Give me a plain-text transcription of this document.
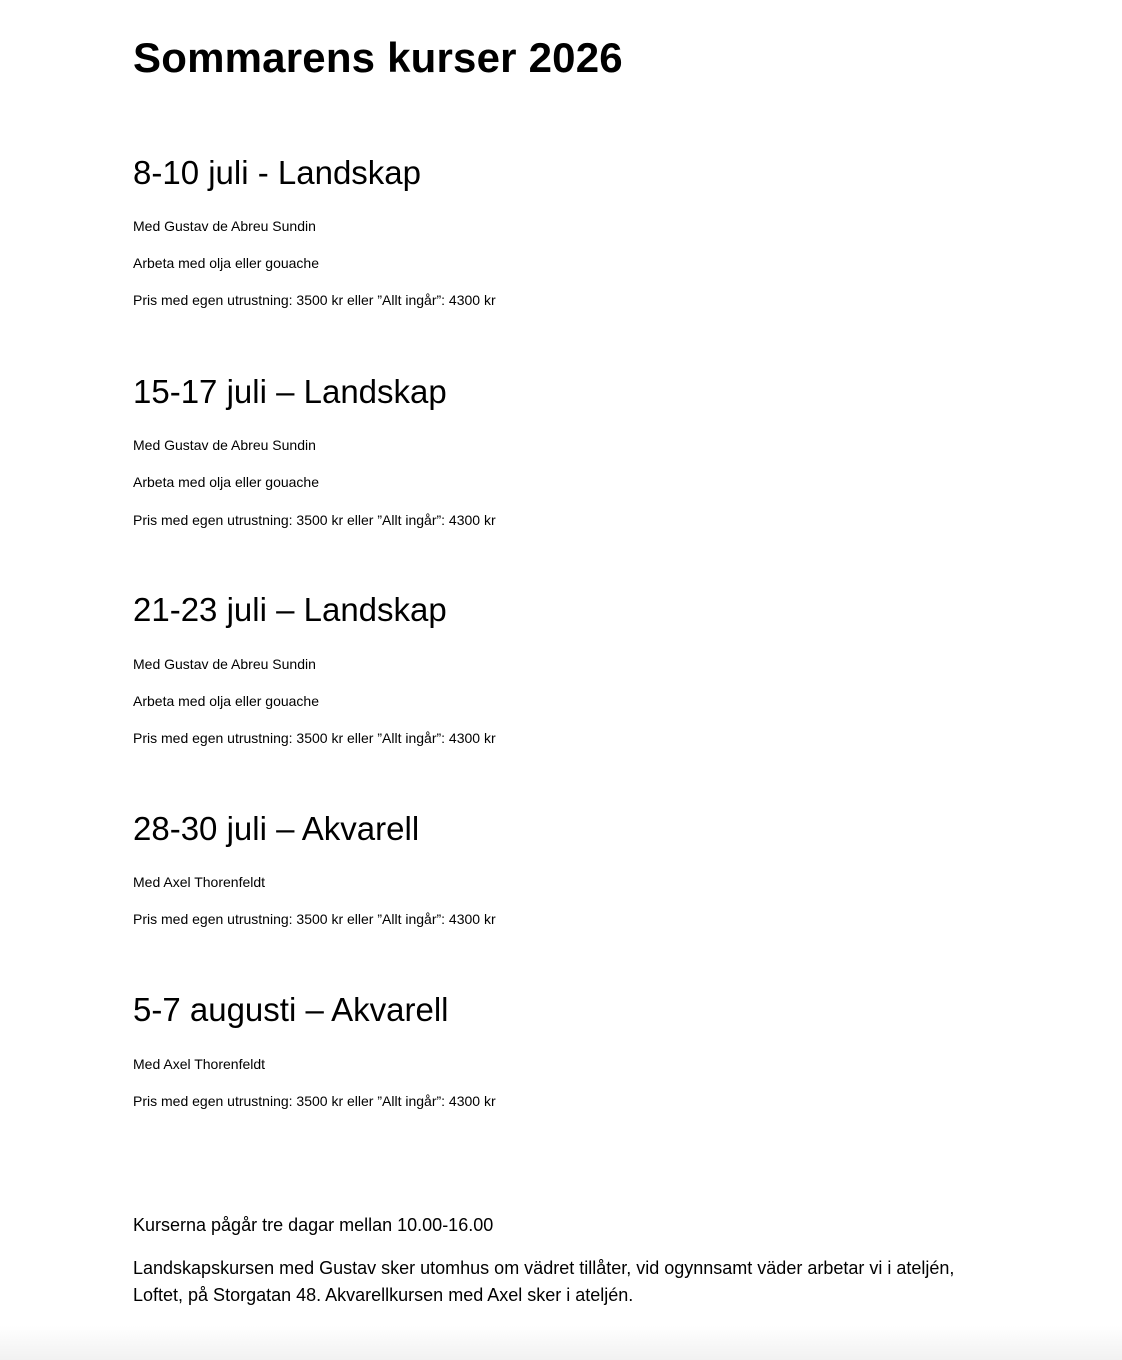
Sommarens kurser 2026
8-10 juli - Landskap

Med Gustav de Abreu Sundin

Arbeta med olja eller gouache

Pris med egen utrustning: 3500 kr eller ”Allt ingår”: 4300 kr

15-17 juli – Landskap

Med Gustav de Abreu Sundin

Arbeta med olja eller gouache

Pris med egen utrustning: 3500 kr eller ”Allt ingår”: 4300 kr

21-23 juli – Landskap

Med Gustav de Abreu Sundin

Arbeta med olja eller gouache

Pris med egen utrustning: 3500 kr eller ”Allt ingår”: 4300 kr

28-30 juli – Akvarell

Med Axel Thorenfeldt

Pris med egen utrustning: 3500 kr eller ”Allt ingår”: 4300 kr

5-7 augusti – Akvarell

Med Axel Thorenfeldt

Pris med egen utrustning: 3500 kr eller ”Allt ingår”: 4300 kr

Kurserna pågår tre dagar mellan 10.00-16.00

Landskapskursen med Gustav sker utomhus om vädret tillåter, vid ogynnsamt väder arbetar vi i ateljén, Loftet, på Storgatan 48. Akvarellkursen med Axel sker i ateljén.
